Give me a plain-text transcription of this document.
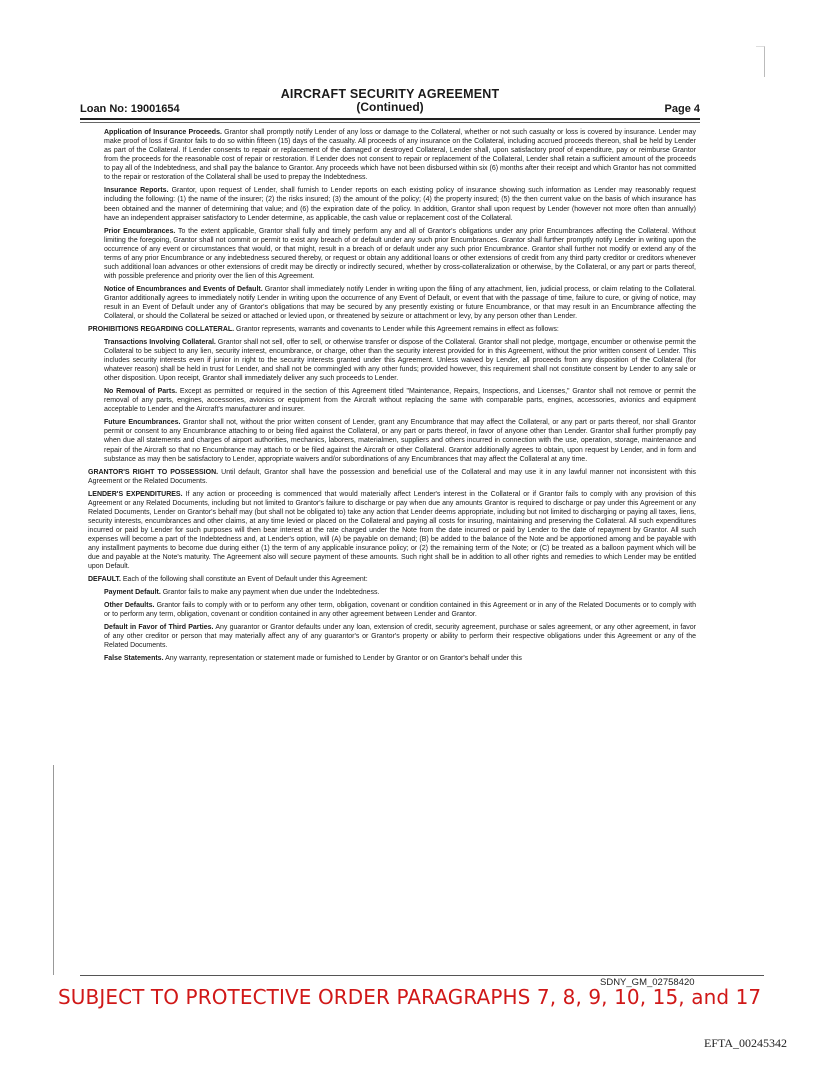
AIRCRAFT SECURITY AGREEMENT
(Continued)
Loan No: 19001654	Page 4

Application of Insurance Proceeds. Grantor shall promptly notify Lender of any loss or damage to the Collateral, whether or not such casualty or loss is covered by insurance. Lender may make proof of loss if Grantor fails to do so within fifteen (15) days of the casualty. All proceeds of any insurance on the Collateral, including accrued proceeds thereon, shall be held by Lender as part of the Collateral. If Lender consents to repair or replacement of the damaged or destroyed Collateral, Lender shall, upon satisfactory proof of expenditure, pay or reimburse Grantor from the proceeds for the reasonable cost of repair or restoration. If Lender does not consent to repair or replacement of the Collateral, Lender shall retain a sufficient amount of the proceeds to pay all of the Indebtedness, and shall pay the balance to Grantor. Any proceeds which have not been disbursed within six (6) months after their receipt and which Grantor has not committed to the repair or restoration of the Collateral shall be used to prepay the Indebtedness.

Insurance Reports. Grantor, upon request of Lender, shall furnish to Lender reports on each existing policy of insurance showing such information as Lender may reasonably request including the following: (1) the name of the insurer; (2) the risks insured; (3) the amount of the policy; (4) the property insured; (5) the then current value on the basis of which insurance has been obtained and the manner of determining that value; and (6) the expiration date of the policy. In addition, Grantor shall upon request by Lender (however not more often than annually) have an independent appraiser satisfactory to Lender determine, as applicable, the cash value or replacement cost of the Collateral.

Prior Encumbrances. To the extent applicable, Grantor shall fully and timely perform any and all of Grantor's obligations under any prior Encumbrances affecting the Collateral. Without limiting the foregoing, Grantor shall not commit or permit to exist any breach of or default under any such prior Encumbrances. Grantor shall further promptly notify Lender in writing upon the occurrence of any event or circumstances that would, or that might, result in a breach of or default under any such prior Encumbrance. Grantor shall further not modify or extend any of the terms of any prior Encumbrance or any indebtedness secured thereby, or request or obtain any additional loans or other extensions of credit from any third party creditor or creditors whenever such additional loan advances or other extensions of credit may be directly or indirectly secured, whether by cross-collateralization or otherwise, by the Collateral, or any part or parts thereof, with possible preference and priority over the lien of this Agreement.

Notice of Encumbrances and Events of Default. Grantor shall immediately notify Lender in writing upon the filing of any attachment, lien, judicial process, or claim relating to the Collateral. Grantor additionally agrees to immediately notify Lender in writing upon the occurrence of any Event of Default, or event that with the passage of time, failure to cure, or giving of notice, may result in an Event of Default under any of Grantor's obligations that may be secured by any presently existing or future Encumbrance, or that may result in an Encumbrance affecting the Collateral, or should the Collateral be seized or attached or levied upon, or threatened by seizure or attachment or levy, by any person other than Lender.

PROHIBITIONS REGARDING COLLATERAL. Grantor represents, warrants and covenants to Lender while this Agreement remains in effect as follows:

Transactions Involving Collateral. Grantor shall not sell, offer to sell, or otherwise transfer or dispose of the Collateral. Grantor shall not pledge, mortgage, encumber or otherwise permit the Collateral to be subject to any lien, security interest, encumbrance, or charge, other than the security interest provided for in this Agreement, without the prior written consent of Lender. This includes security interests even if junior in right to the security interests granted under this Agreement. Unless waived by Lender, all proceeds from any disposition of the Collateral (for whatever reason) shall be held in trust for Lender, and shall not be commingled with any other funds; provided however, this requirement shall not constitute consent by Lender to any sale or other disposition. Upon receipt, Grantor shall immediately deliver any such proceeds to Lender.

No Removal of Parts. Except as permitted or required in the section of this Agreement titled "Maintenance, Repairs, Inspections, and Licenses," Grantor shall not remove or permit the removal of any parts, engines, accessories, avionics or equipment from the Aircraft without replacing the same with comparable parts, engines, accessories, avionics and equipment acceptable to Lender and the Aircraft's manufacturer and insurer.

Future Encumbrances. Grantor shall not, without the prior written consent of Lender, grant any Encumbrance that may affect the Collateral, or any part or parts thereof, nor shall Grantor permit or consent to any Encumbrance attaching to or being filed against the Collateral, or any part or parts thereof, in favor of anyone other than Lender. Grantor shall further promptly pay when due all statements and charges of airport authorities, mechanics, laborers, materialmen, suppliers and others incurred in connection with the use, operation, storage, maintenance and repair of the Aircraft so that no Encumbrance may attach to or be filed against the Aircraft or other Collateral. Grantor additionally agrees to obtain, upon request by Lender, and in form and substance as may then be satisfactory to Lender, appropriate waivers and/or subordinations of any Encumbrances that may affect the Collateral at any time.

GRANTOR'S RIGHT TO POSSESSION. Until default, Grantor shall have the possession and beneficial use of the Collateral and may use it in any lawful manner not inconsistent with this Agreement or the Related Documents.

LENDER'S EXPENDITURES. If any action or proceeding is commenced that would materially affect Lender's interest in the Collateral or if Grantor fails to comply with any provision of this Agreement or any Related Documents, including but not limited to Grantor's failure to discharge or pay when due any amounts Grantor is required to discharge or pay under this Agreement or any Related Documents, Lender on Grantor's behalf may (but shall not be obligated to) take any action that Lender deems appropriate, including but not limited to discharging or paying all taxes, liens, security interests, encumbrances and other claims, at any time levied or placed on the Collateral and paying all costs for insuring, maintaining and preserving the Collateral. All such expenditures incurred or paid by Lender for such purposes will then bear interest at the rate charged under the Note from the date incurred or paid by Lender to the date of repayment by Grantor. All such expenses will become a part of the Indebtedness and, at Lender's option, will (A) be payable on demand; (B) be added to the balance of the Note and be apportioned among and be payable with any installment payments to become due during either (1) the term of any applicable insurance policy; or (2) the remaining term of the Note; or (C) be treated as a balloon payment which will be due and payable at the Note's maturity. The Agreement also will secure payment of these amounts. Such right shall be in addition to all other rights and remedies to which Lender may be entitled upon Default.

DEFAULT. Each of the following shall constitute an Event of Default under this Agreement:

Payment Default. Grantor fails to make any payment when due under the Indebtedness.

Other Defaults. Grantor fails to comply with or to perform any other term, obligation, covenant or condition contained in this Agreement or in any of the Related Documents or to comply with or to perform any term, obligation, covenant or condition contained in any other agreement between Lender and Grantor.

Default in Favor of Third Parties. Any guarantor or Grantor defaults under any loan, extension of credit, security agreement, purchase or sales agreement, or any other agreement, in favor of any other creditor or person that may materially affect any of any guarantor's or Grantor's property or ability to perform their respective obligations under this Agreement or any of the Related Documents.

False Statements. Any warranty, representation or statement made or furnished to Lender by Grantor or on Grantor's behalf under this

SDNY_GM_02758420
SUBJECT TO PROTECTIVE ORDER PARAGRAPHS 7, 8, 9, 10, 15, and 17
EFTA_00245342
